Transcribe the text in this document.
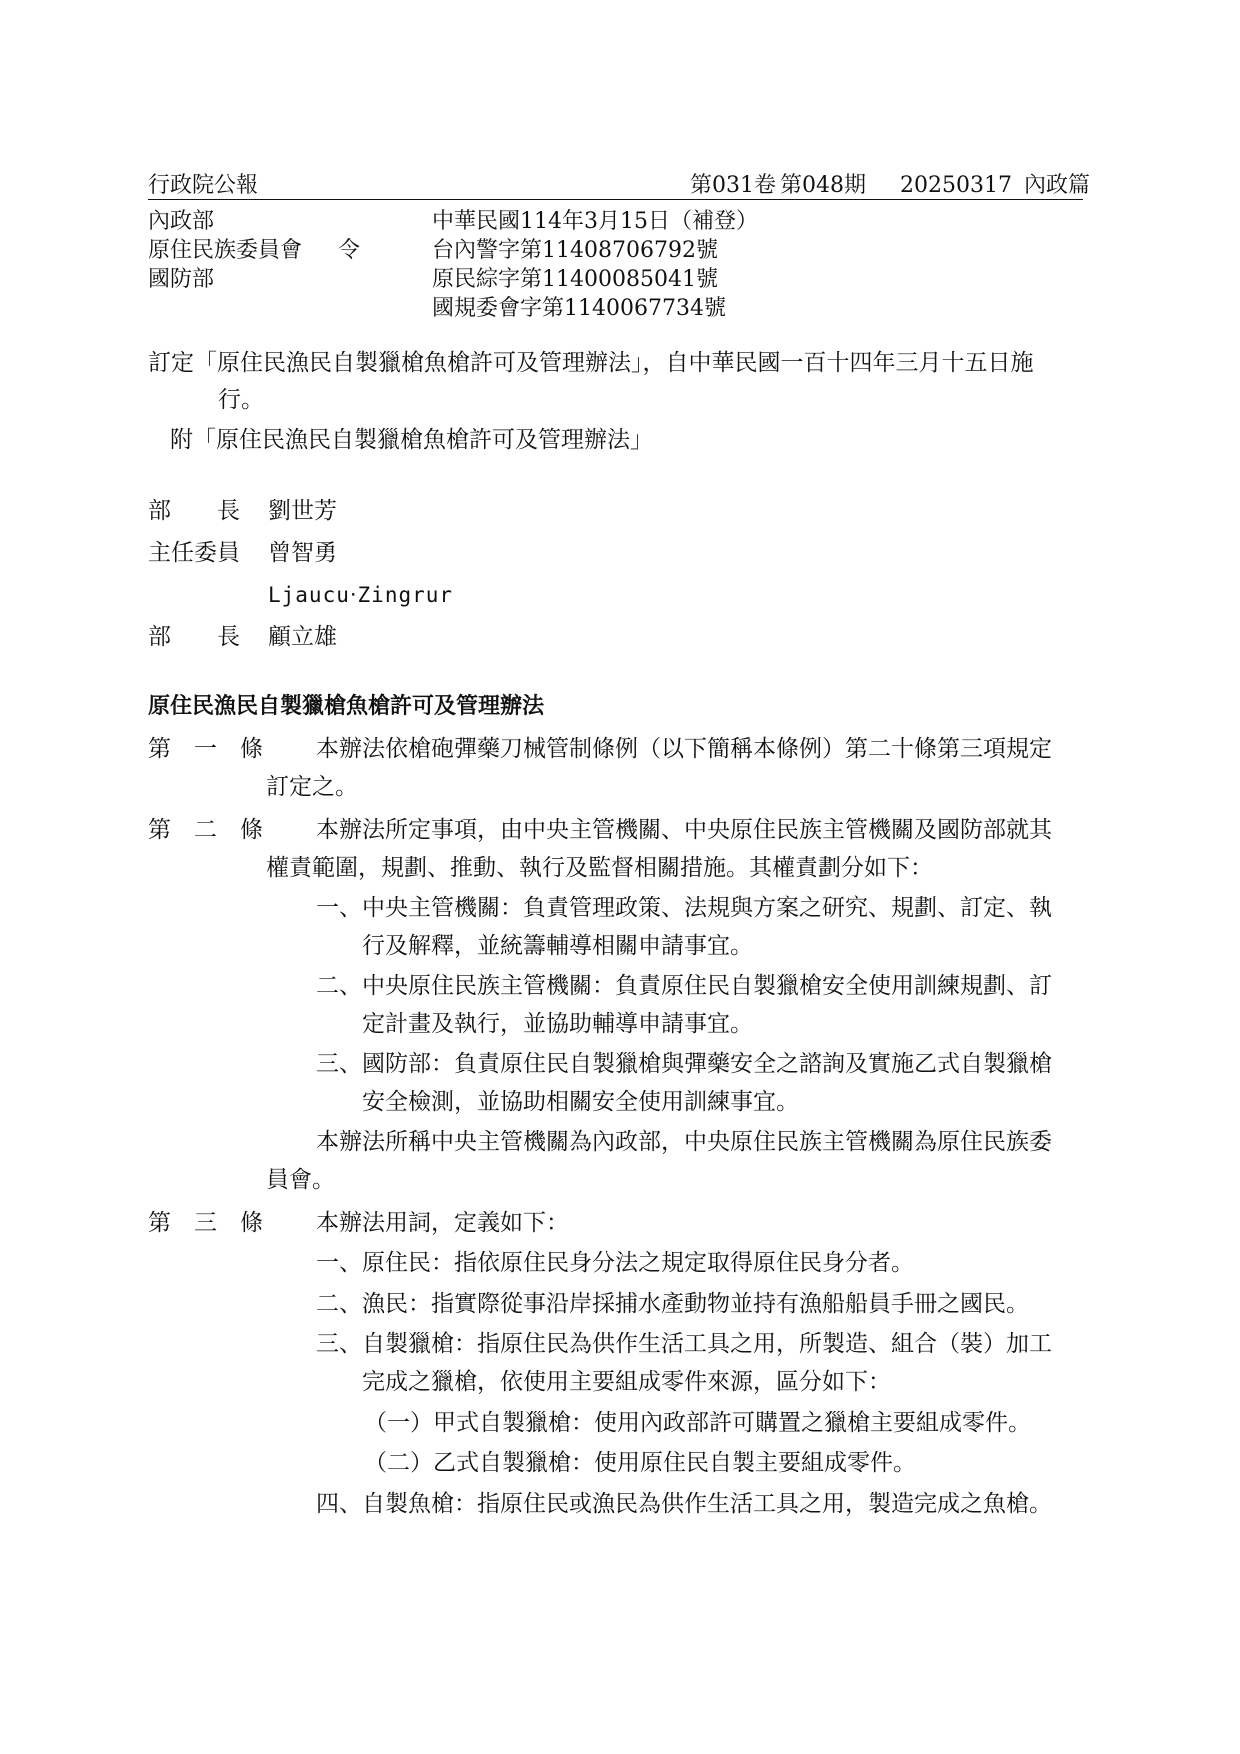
行政院公報	第031卷 第048期 20250317 內政篇
內政部
原住民族委員會 令
國防部
中華民國114年3月15日（補登）
台內警字第11408706792號
原民綜字第11400085041號
國規委會字第1140067734號
訂定「原住民漁民自製獵槍魚槍許可及管理辦法」，自中華民國一百十四年三月十五日施
行。
附「原住民漁民自製獵槍魚槍許可及管理辦法」
部　　長 劉世芳
主任委員 曾智勇
Ljaucu‧Zingrur
部　　長 顧立雄
原住民漁民自製獵槍魚槍許可及管理辦法
第　一　條 本辦法依槍砲彈藥刀械管制條例（以下簡稱本條例）第二十條第三項規定
訂定之。
第　二　條 本辦法所定事項，由中央主管機關、中央原住民族主管機關及國防部就其
權責範圍，規劃、推動、執行及監督相關措施。其權責劃分如下：
一、中央主管機關：負責管理政策、法規與方案之研究、規劃、訂定、執
行及解釋，並統籌輔導相關申請事宜。
二、中央原住民族主管機關：負責原住民自製獵槍安全使用訓練規劃、訂
定計畫及執行，並協助輔導申請事宜。
三、國防部：負責原住民自製獵槍與彈藥安全之諮詢及實施乙式自製獵槍
安全檢測，並協助相關安全使用訓練事宜。
本辦法所稱中央主管機關為內政部，中央原住民族主管機關為原住民族委
員會。
第　三　條 本辦法用詞，定義如下：
一、原住民：指依原住民身分法之規定取得原住民身分者。
二、漁民：指實際從事沿岸採捕水產動物並持有漁船船員手冊之國民。
三、自製獵槍：指原住民為供作生活工具之用，所製造、組合（裝）加工
完成之獵槍，依使用主要組成零件來源，區分如下：
（一）甲式自製獵槍：使用內政部許可購置之獵槍主要組成零件。
（二）乙式自製獵槍：使用原住民自製主要組成零件。
四、自製魚槍：指原住民或漁民為供作生活工具之用，製造完成之魚槍。
